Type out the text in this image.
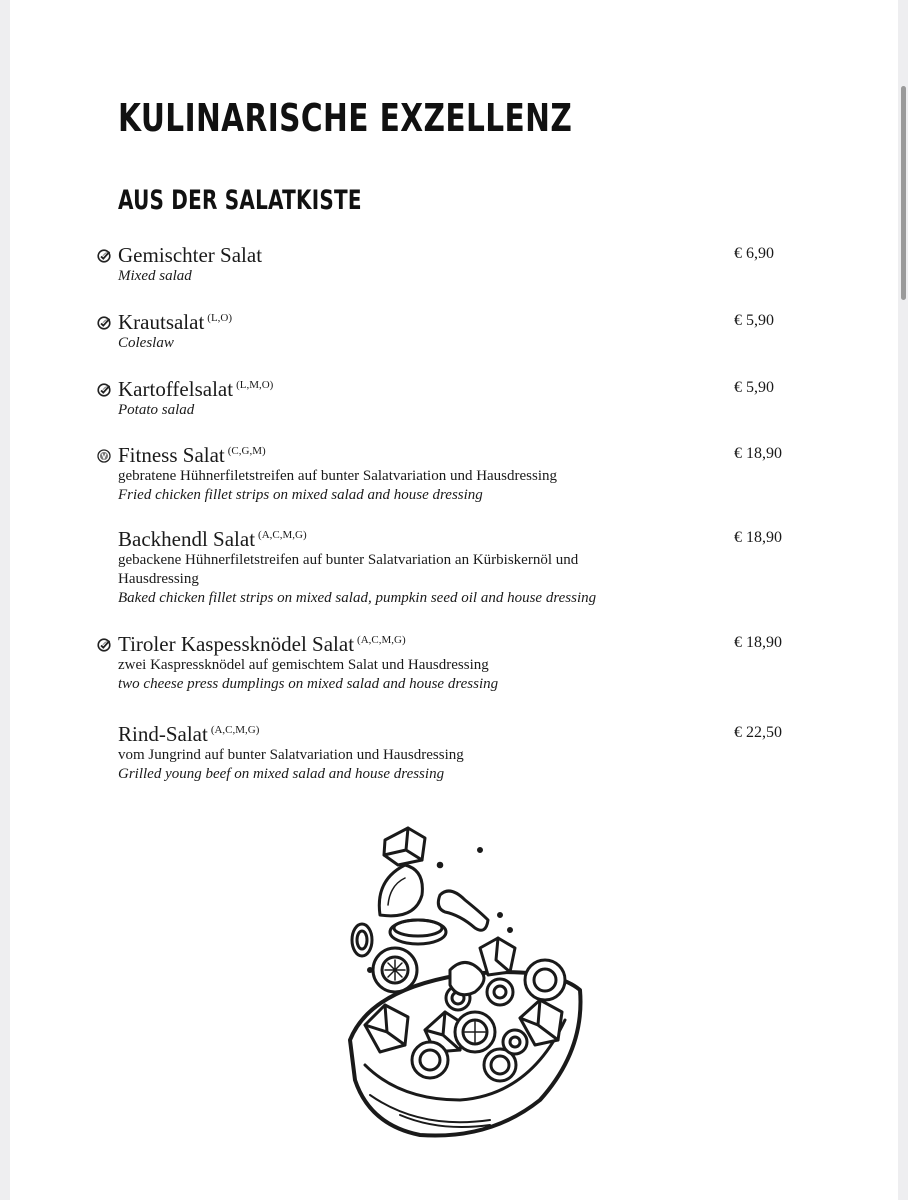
KULINARISCHE EXZELLENZ
AUS DER SALATKISTE
Gemischter Salat
Mixed salad
€ 6,90
Krautsalat $^{(L,O)}$
Coleslaw
€ 5,90
Kartoffelsalat $^{(L,M,O)}$
Potato salad
€ 5,90
Fitness Salat $^{(C,G,M)}$
gebratene Hühnerfiletstreifen auf bunter Salatvariation und Hausdressing
Fried chicken fillet strips on mixed salad and house dressing
€ 18,90
Backhendl Salat $^{(A,C,M,G)}$
gebackene Hühnerfiletstreifen auf bunter Salatvariation an Kürbiskernöl und Hausdressing
Baked chicken fillet strips on mixed salad, pumpkin seed oil and house dressing
€ 18,90
Tiroler Kaspessknödel Salat $^{(A,C,M,G)}$
zwei Kaspressknödel auf gemischtem Salat und Hausdressing
two cheese press dumplings on mixed salad and house dressing
€ 18,90
Rind-Salat $^{(A,C,M,G)}$
vom Jungrind auf bunter Salatvariation und Hausdressing
Grilled young beef on mixed salad and house dressing
€ 22,50
